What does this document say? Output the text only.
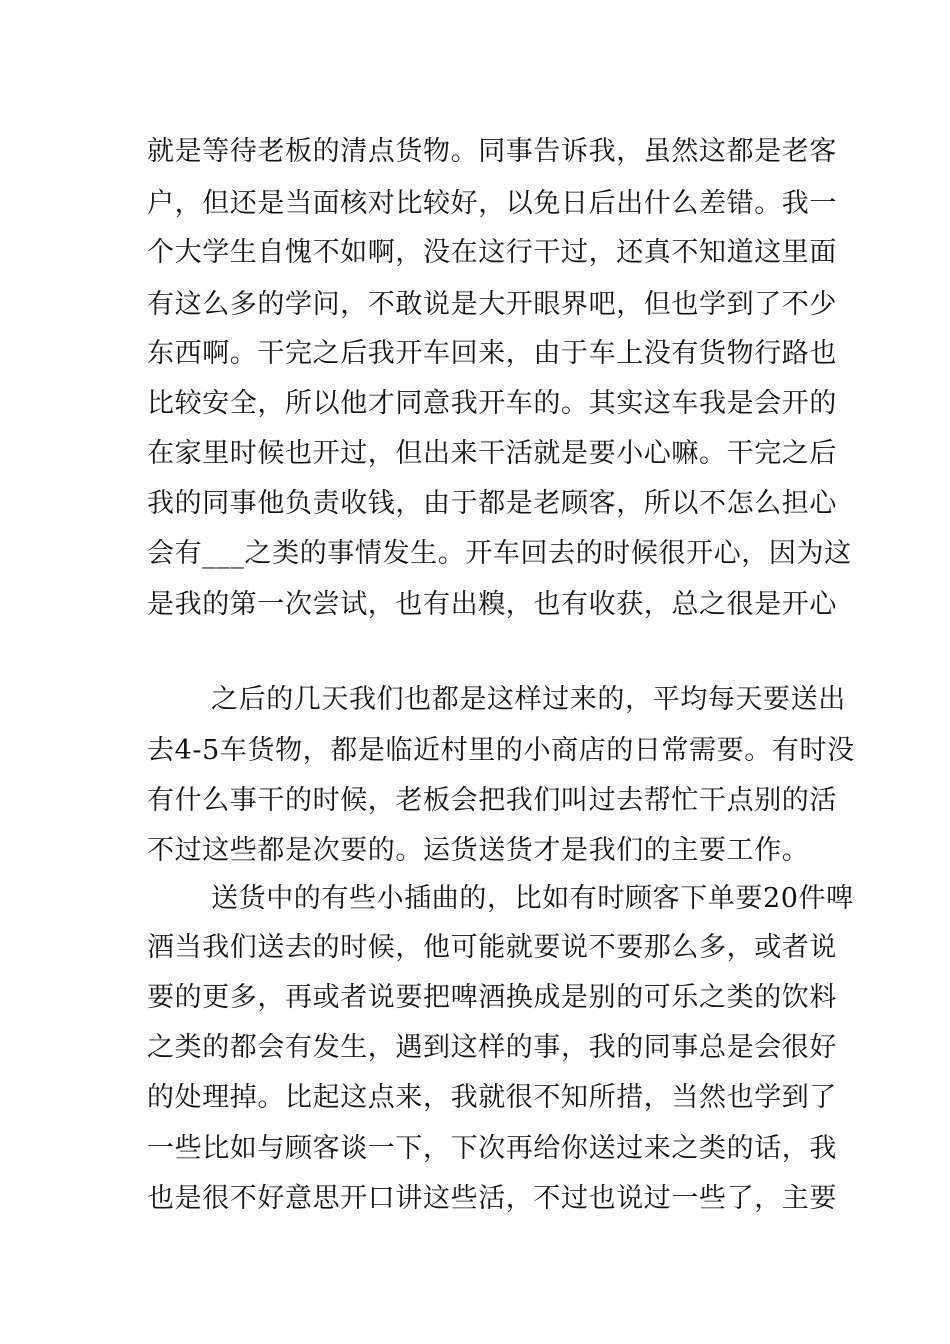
就是等待老板的清点货物。同事告诉我，虽然这都是老客
户，但还是当面核对比较好，以免日后出什么差错。我一
个大学生自愧不如啊，没在这行干过，还真不知道这里面
有这么多的学问，不敢说是大开眼界吧，但也学到了不少
东西啊。干完之后我开车回来，由于车上没有货物行路也
比较安全，所以他才同意我开车的。其实这车我是会开的
在家里时候也开过，但出来干活就是要小心嘛。干完之后
我的同事他负责收钱，由于都是老顾客，所以不怎么担心
会有___之类的事情发生。开车回去的时候很开心，因为这
是我的第一次尝试，也有出糗，也有收获，总之很是开心
之后的几天我们也都是这样过来的，平均每天要送出
去4-5车货物，都是临近村里的小商店的日常需要。有时没
有什么事干的时候，老板会把我们叫过去帮忙干点别的活
不过这些都是次要的。运货送货才是我们的主要工作。
送货中的有些小插曲的，比如有时顾客下单要20件啤
酒当我们送去的时候，他可能就要说不要那么多，或者说
要的更多，再或者说要把啤酒换成是别的可乐之类的饮料
之类的都会有发生，遇到这样的事，我的同事总是会很好
的处理掉。比起这点来，我就很不知所措，当然也学到了
一些比如与顾客谈一下，下次再给你送过来之类的话，我
也是很不好意思开口讲这些活，不过也说过一些了，主要
